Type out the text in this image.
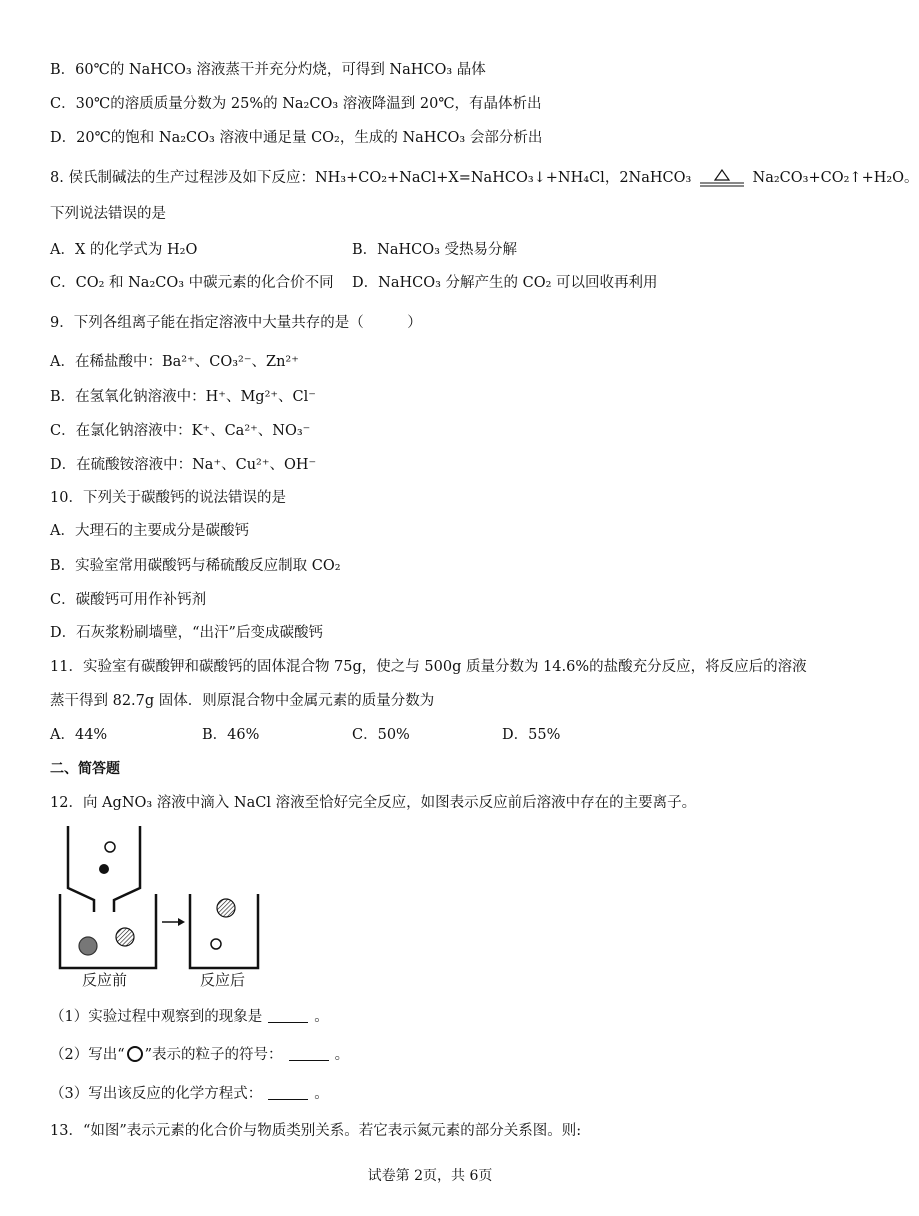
B．60℃的 NaHCO₃ 溶液蒸干并充分灼烧，可得到 NaHCO₃ 晶体
C．30℃的溶质质量分数为 25%的 Na₂CO₃ 溶液降温到 20℃，有晶体析出
D．20℃的饱和 Na₂CO₃ 溶液中通足量 CO₂，生成的 NaHCO₃ 会部分析出
8. 侯氏制碱法的生产过程涉及如下反应：NH₃+CO₂+NaCl+X=NaHCO₃↓+NH₄Cl，2NaHCO₃	Na₂CO₃+CO₂↑+H₂O。
下列说法错误的是
A．X 的化学式为 H₂O	B．NaHCO₃ 受热易分解
C．CO₂ 和 Na₂CO₃ 中碳元素的化合价不同 D．NaHCO₃ 分解产生的 CO₂ 可以回收再利用
9．下列各组离子能在指定溶液中大量共存的是（　　　）
A．在稀盐酸中：Ba²⁺、CO₃²⁻、Zn²⁺
B．在氢氧化钠溶液中：H⁺、Mg²⁺、Cl⁻
C．在氯化钠溶液中：K⁺、Ca²⁺、NO₃⁻
D．在硫酸铵溶液中：Na⁺、Cu²⁺、OH⁻
10．下列关于碳酸钙的说法错误的是
A．大理石的主要成分是碳酸钙
B．实验室常用碳酸钙与稀硫酸反应制取 CO₂
C．碳酸钙可用作补钙剂
D．石灰浆粉刷墙壁，“出汗”后变成碳酸钙
11．实验室有碳酸钾和碳酸钙的固体混合物 75g，使之与 500g 质量分数为 14.6%的盐酸充分反应，将反应后的溶液
蒸干得到 82.7g 固体．则原混合物中金属元素的质量分数为
A．44%	B．46%	C．50%	D．55%
二、简答题
12．向 AgNO₃ 溶液中滴入 NaCl 溶液至恰好完全反应，如图表示反应前后溶液中存在的主要离子。
反应前	反应后
（1）实验过程中观察到的现象是	。
（2）写出“ ”表示的粒子的符号：	。
（3）写出该反应的化学方程式：	。
13．“如图”表示元素的化合价与物质类别关系。若它表示氮元素的部分关系图。则:
试卷第 2页，共 6页
